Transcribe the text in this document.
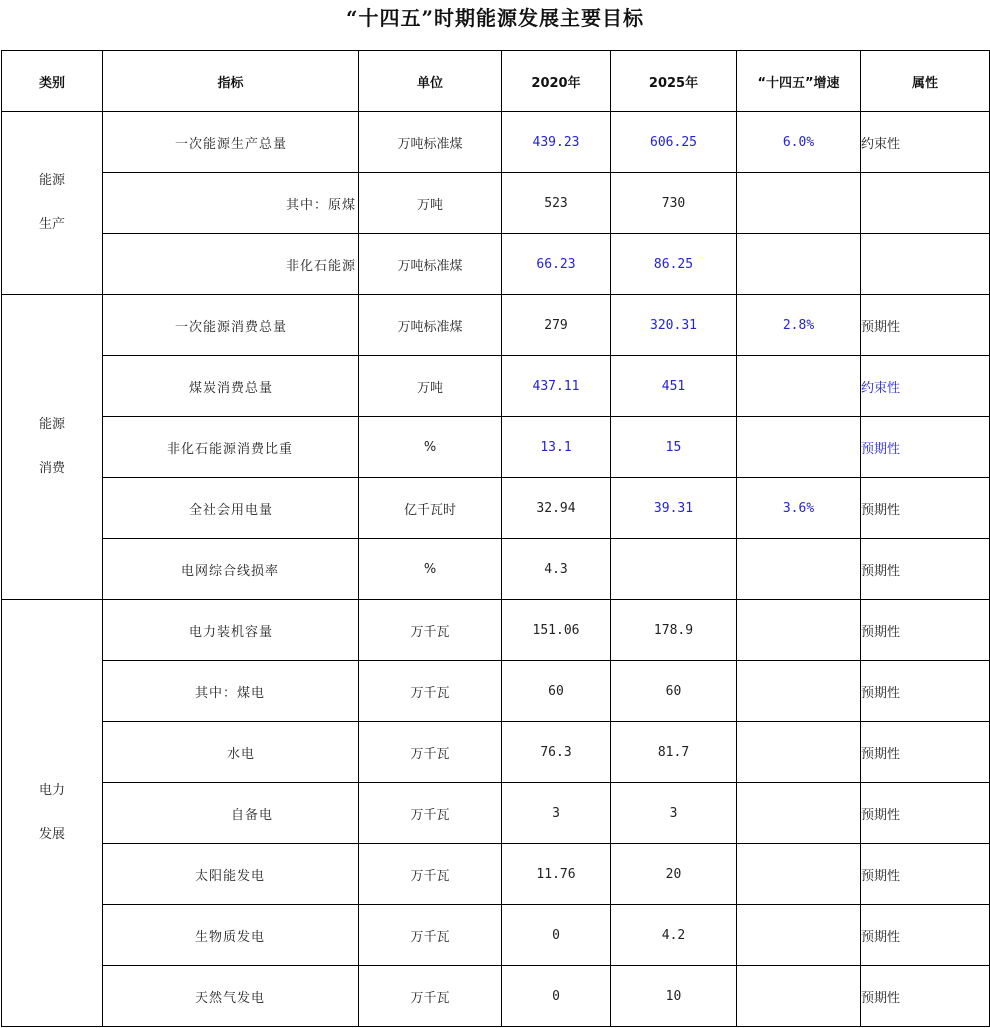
“十四五”时期能源发展主要目标
类别	指标	单位	2020年	2025年	“十四五”增速	属性
能源
生产	一次能源生产总量	万吨标准煤	439.23	606.25	6.0%	约束性
	其中：原煤	万吨	523	730		
	非化石能源	万吨标准煤	66.23	86.25		
能源
消费	一次能源消费总量	万吨标准煤	279	320.31	2.8%	预期性
	煤炭消费总量	万吨	437.11	451		约束性
	非化石能源消费比重	%	13.1	15		预期性
	全社会用电量	亿千瓦时	32.94	39.31	3.6%	预期性
	电网综合线损率	%	4.3			预期性
电力
发展	电力装机容量	万千瓦	151.06	178.9		预期性
	其中：煤电	万千瓦	60	60		预期性
	水电	万千瓦	76.3	81.7		预期性
	自备电	万千瓦	3	3		预期性
	太阳能发电	万千瓦	11.76	20		预期性
	生物质发电	万千瓦	0	4.2		预期性
	天然气发电	万千瓦	0	10		预期性
